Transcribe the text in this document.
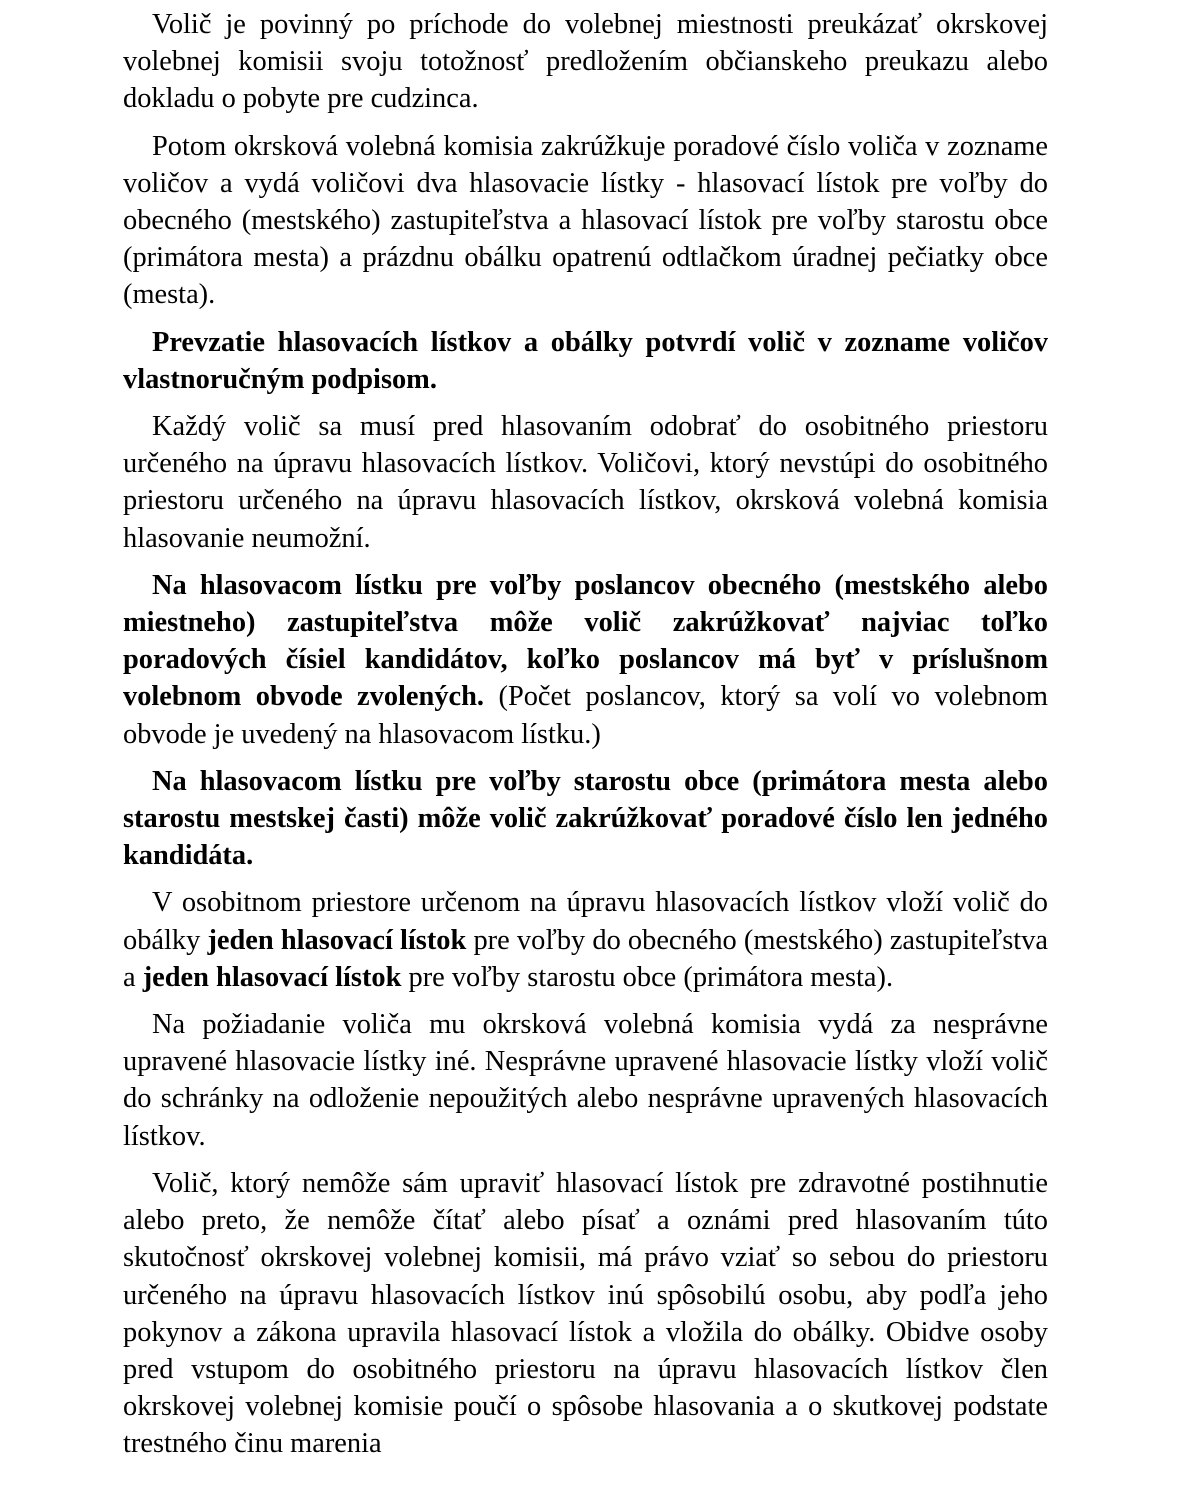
Volič je povinný po príchode do volebnej miestnosti preukázať okrskovej volebnej komisii svoju totožnosť predložením občianskeho preukazu alebo dokladu o pobyte pre cudzinca.

Potom okrsková volebná komisia zakrúžkuje poradové číslo voliča v zozname voličov a vydá voličovi dva hlasovacie lístky - hlasovací lístok pre voľby do obecného (mestského) zastupiteľstva a hlasovací lístok pre voľby starostu obce (primátora mesta) a prázdnu obálku opatrenú odtlačkom úradnej pečiatky obce (mesta).

Prevzatie hlasovacích lístkov a obálky potvrdí volič v zozname voličov vlastnoručným podpisom.

Každý volič sa musí pred hlasovaním odobrať do osobitného priestoru určeného na úpravu hlasovacích lístkov. Voličovi, ktorý nevstúpi do osobitného priestoru určeného na úpravu hlasovacích lístkov, okrsková volebná komisia hlasovanie neumožní.

Na hlasovacom lístku pre voľby poslancov obecného (mestského alebo miestneho) zastupiteľstva môže volič zakrúžkovať najviac toľko poradových čísiel kandidátov, koľko poslancov má byť v príslušnom volebnom obvode zvolených. (Počet poslancov, ktorý sa volí vo volebnom obvode je uvedený na hlasovacom lístku.)

Na hlasovacom lístku pre voľby starostu obce (primátora mesta alebo starostu mestskej časti) môže volič zakrúžkovať poradové číslo len jedného kandidáta.

V osobitnom priestore určenom na úpravu hlasovacích lístkov vloží volič do obálky jeden hlasovací lístok pre voľby do obecného (mestského) zastupiteľstva a jeden hlasovací lístok pre voľby starostu obce (primátora mesta).

Na požiadanie voliča mu okrsková volebná komisia vydá za nesprávne upravené hlasovacie lístky iné. Nesprávne upravené hlasovacie lístky vloží volič do schránky na odloženie nepoužitých alebo nesprávne upravených hlasovacích lístkov.

Volič, ktorý nemôže sám upraviť hlasovací lístok pre zdravotné postihnutie alebo preto, že nemôže čítať alebo písať a oznámi pred hlasovaním túto skutočnosť okrskovej volebnej komisii, má právo vziať so sebou do priestoru určeného na úpravu hlasovacích lístkov inú spôsobilú osobu, aby podľa jeho pokynov a zákona upravila hlasovací lístok a vložila do obálky. Obidve osoby pred vstupom do osobitného priestoru na úpravu hlasovacích lístkov člen okrskovej volebnej komisie poučí o spôsobe hlasovania a o skutkovej podstate trestného činu marenia
